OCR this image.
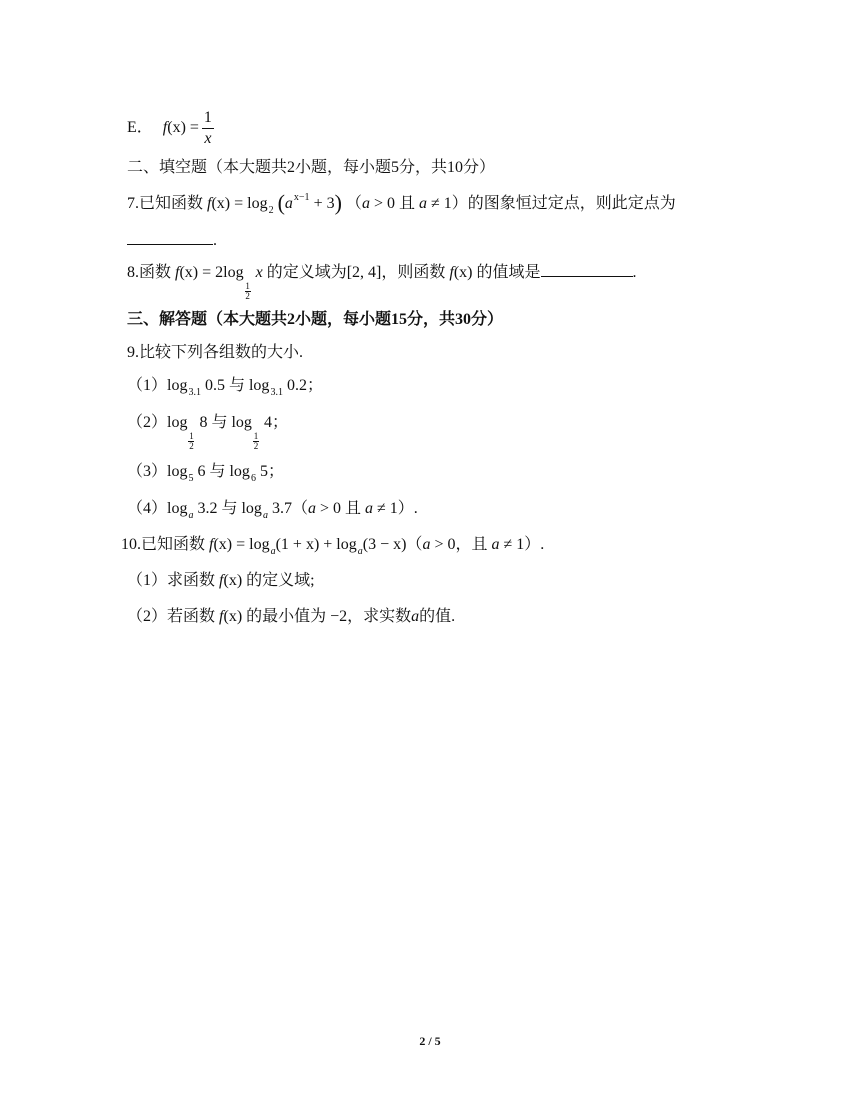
E． $f(x) = \frac{1}{x}$
二、填空题（本大题共2小题，每小题5分，共10分）
7.已知函数 $f(x) = \log_2 (a^{x-1} + 3) (a > 0$ 且 a ≠ 1）的图象恒过定点，则此定点为
.
8.函数 f(x) = 2log
$\frac{1}{2}$
x 的定义域为[2, 4]，则函数 f(x) 的值域是	.
三、解答题（本大题共2小题，每小题15分，共30分）
9.比较下列各组数的大小.
$(1)\log_{3.1}$ 0.5 与 $\log_{3.1} 0.2$；
（2）log
$\frac{1}{2}$
8 与 log
$\frac{1}{2}$
4；
$(3)\log_5$ 6 与 $\log_6 5$；
$(4)\log_a$ 3.2 与 $\log_a 3.7(a > 0$ 且 a ≠ 1）.
10.已知函数 $f(x) = \log_a(1 + x) + \log_a(3 - x)(a > 0$，且 a ≠ 1）.
（1）求函数 f(x) 的定义域;
（2）若函数 f(x) 的最小值为 −2，求实数a的值.
2 / 5
